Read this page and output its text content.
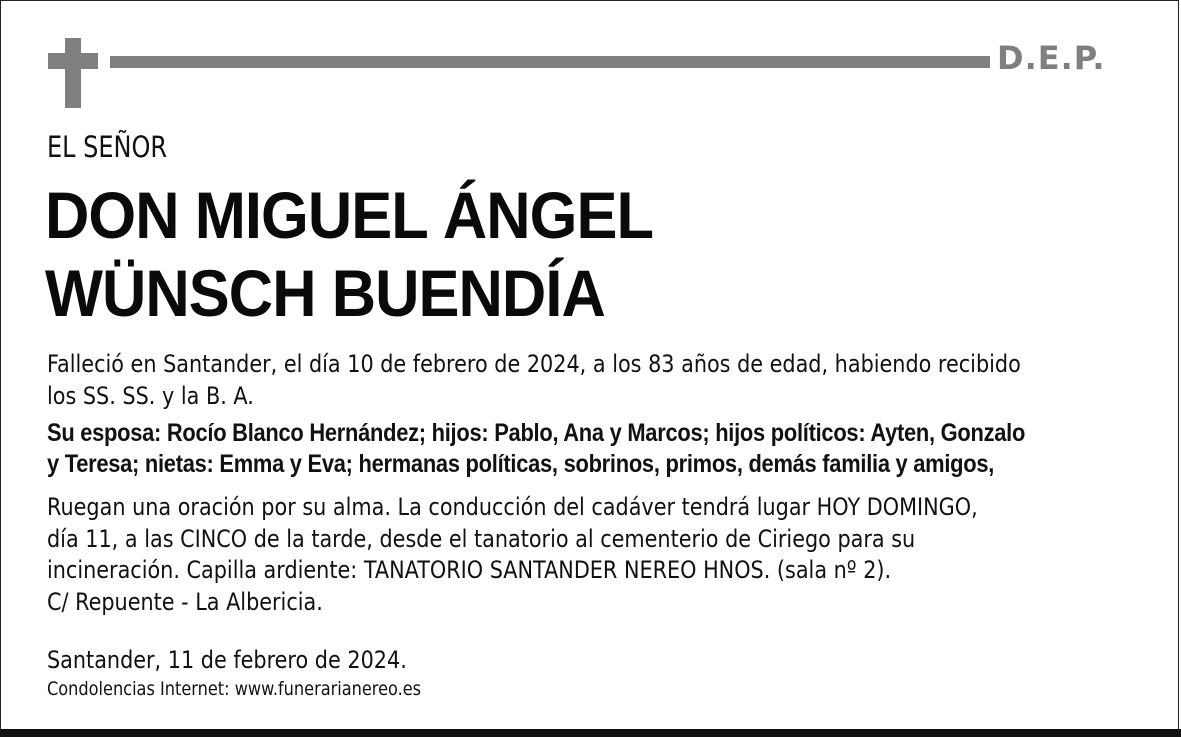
D.E.P.
EL SEÑOR
DON MIGUEL ÁNGEL
WÜNSCH BUENDÍA
Falleció en Santander, el día 10 de febrero de 2024, a los 83 años de edad, habiendo recibido
los SS. SS. y la B. A.
Su esposa: Rocío Blanco Hernández; hijos: Pablo, Ana y Marcos; hijos políticos: Ayten, Gonzalo
y Teresa; nietas: Emma y Eva; hermanas políticas, sobrinos, primos, demás familia y amigos,
Ruegan una oración por su alma. La conducción del cadáver tendrá lugar HOY DOMINGO,
día 11, a las CINCO de la tarde, desde el tanatorio al cementerio de Ciriego para su
incineración. Capilla ardiente: TANATORIO SANTANDER NEREO HNOS. (sala nº 2).
C/ Repuente - La Albericia.
Santander, 11 de febrero de 2024.
Condolencias Internet: www.funerarianereo.es
